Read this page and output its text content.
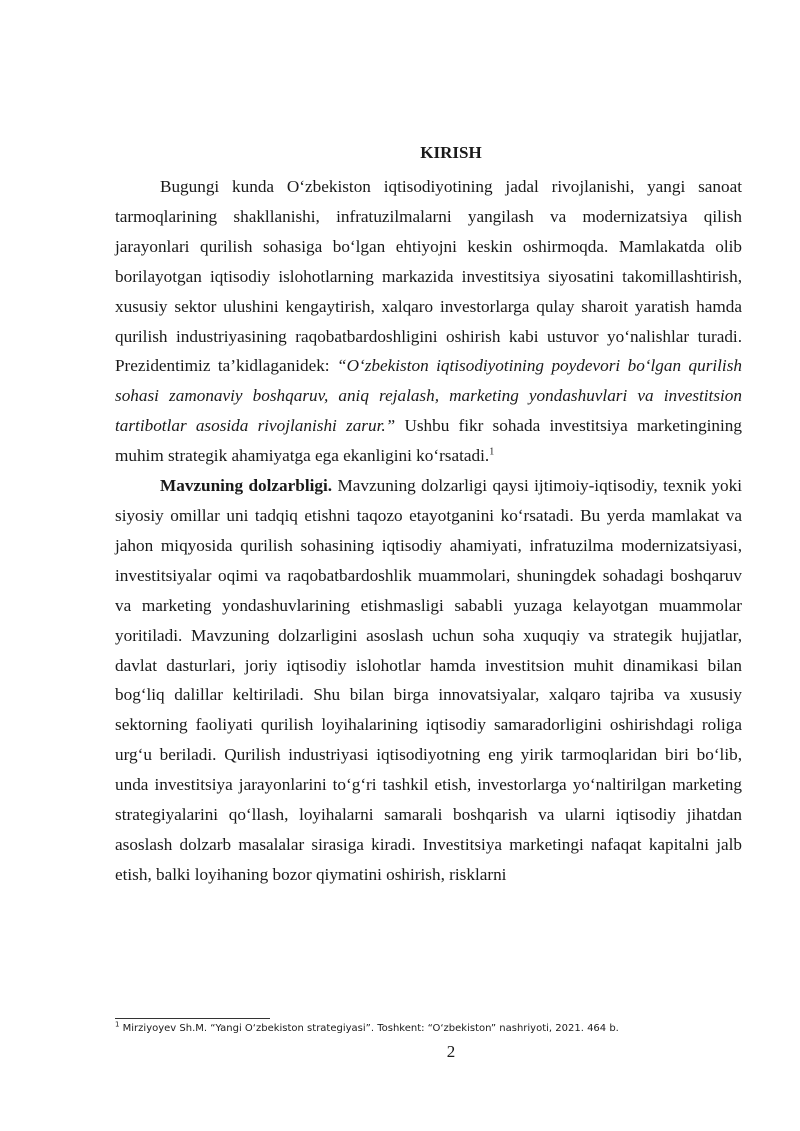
KIRISH

Bugungi kunda O‘zbekiston iqtisodiyotining jadal rivojlanishi, yangi sanoat tarmoqlarining shakllanishi, infratuzilmalarni yangilash va modernizatsiya qilish jarayonlari qurilish sohasiga bo‘lgan ehtiyojni keskin oshirmoqda. Mamlakatda olib borilayotgan iqtisodiy islohotlarning markazida investitsiya siyosatini takomillashtirish, xususiy sektor ulushini kengaytirish, xalqaro investorlarga qulay sharoit yaratish hamda qurilish industriyasining raqobatbardoshligini oshirish kabi ustuvor yo‘nalishlar turadi. Prezidentimiz ta’kidlaganidek: “O‘zbekiston iqtisodiyotining poydevori bo‘lgan qurilish sohasi zamonaviy boshqaruv, aniq rejalash, marketing yondashuvlari va investitsion tartibotlar asosida rivojlanishi zarur.” Ushbu fikr sohada investitsiya marketingining muhim strategik ahamiyatga ega ekanligini ko‘rsatadi.$^1$

Mavzuning dolzarbligi. Mavzuning dolzarligi qaysi ijtimoiy-iqtisodiy, texnik yoki siyosiy omillar uni tadqiq etishni taqozo etayotganini ko‘rsatadi. Bu yerda mamlakat va jahon miqyosida qurilish sohasining iqtisodiy ahamiyati, infratuzilma modernizatsiyasi, investitsiyalar oqimi va raqobatbardoshlik muammolari, shuningdek sohadagi boshqaruv va marketing yondashuvlarining etishmasligi sababli yuzaga kelayotgan muammolar yoritiladi. Mavzuning dolzarligini asoslash uchun soha xuquqiy va strategik hujjatlar, davlat dasturlari, joriy iqtisodiy islohotlar hamda investitsion muhit dinamikasi bilan bog‘liq dalillar keltiriladi. Shu bilan birga innovatsiyalar, xalqaro tajriba va xususiy sektorning faoliyati qurilish loyihalarining iqtisodiy samaradorligini oshirishdagi roliga urg‘u beriladi. Qurilish industriyasi iqtisodiyotning eng yirik tarmoqlaridan biri bo‘lib, unda investitsiya jarayonlarini to‘g‘ri tashkil etish, investorlarga yo‘naltirilgan marketing strategiyalarini qo‘llash, loyihalarni samarali boshqarish va ularni iqtisodiy jihatdan asoslash dolzarb masalalar sirasiga kiradi. Investitsiya marketingi nafaqat kapitalni jalb etish, balki loyihaning bozor qiymatini oshirish, risklarni

$^1$ Mirziyoyev Sh.M. “Yangi O‘zbekiston strategiyasi”. Toshkent: “O‘zbekiston” nashriyoti, 2021. 464 b.

2
